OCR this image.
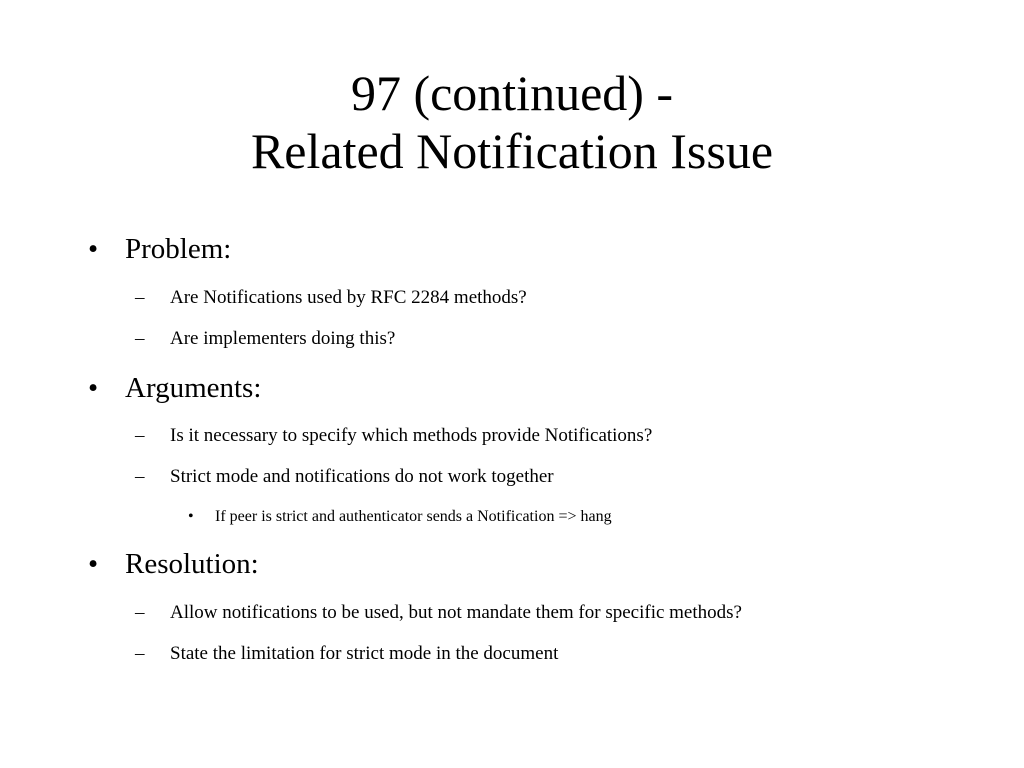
97 (continued) -
Related Notification Issue
• Problem:
– Are Notifications used by RFC 2284 methods?
– Are implementers doing this?
• Arguments:
– Is it necessary to specify which methods provide Notifications?
– Strict mode and notifications do not work together
• If peer is strict and authenticator sends a Notification => hang
• Resolution:
– Allow notifications to be used, but not mandate them for specific methods?
– State the limitation for strict mode in the document
